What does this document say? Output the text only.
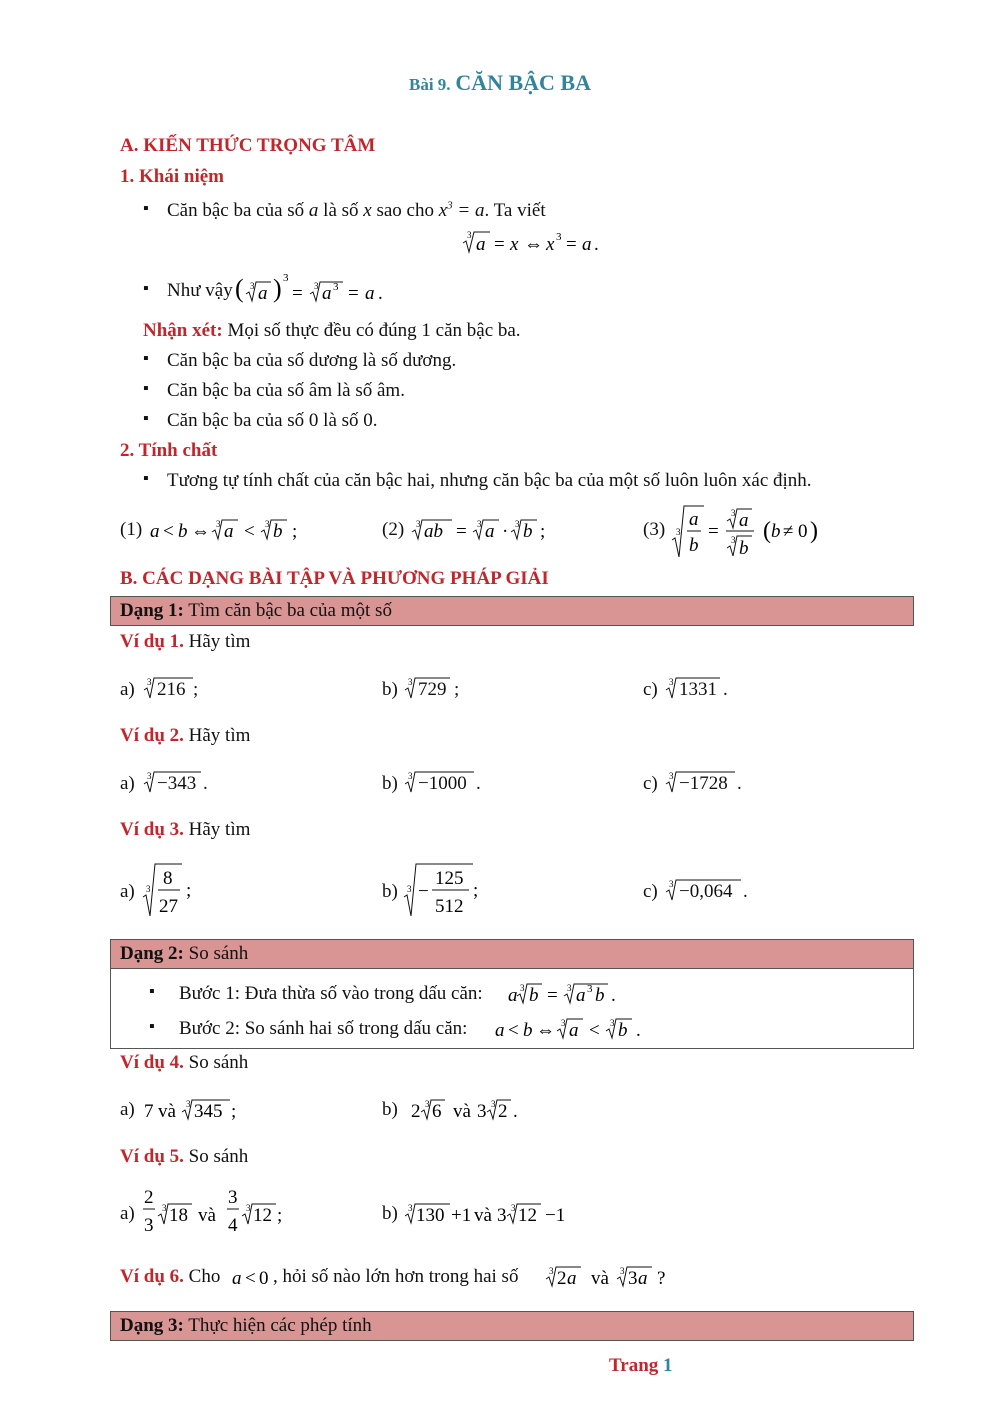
Bài 9. CĂN BẬC BA
A. KIẾN THỨC TRỌNG TÂM
1. Khái niệm
▪ Căn bậc ba của số a là số x sao cho $x^3 = a$. Ta viết
3 a = x ⇔ x 3 = a .
▪ Như vậy ( 3 a ) 3
= 3 a 3 = a .
Nhận xét: Mọi số thực đều có đúng 1 căn bậc ba.
▪ Căn bậc ba của số dương là số dương.
▪ Căn bậc ba của số âm là số âm.
▪ Căn bậc ba của số 0 là số 0.
2. Tính chất
▪ Tương tự tính chất của căn bậc hai, nhưng căn bậc ba của một số luôn luôn xác định.
(1) a < b ⇔ 3 a < 3 b ;	(2) 3 ab = 3 a · 3 b ;	(3) 3
a
b
=
3 a
3 b
( b ≠ 0 )
B. CÁC DẠNG BÀI TẬP VÀ PHƯƠNG PHÁP GIẢI
Dạng 1: Tìm căn bậc ba của một số
Ví dụ 1. Hãy tìm
a) 3 216 ;	b) 3 729 ;	c) 3 1331 .
Ví dụ 2. Hãy tìm
a) 3 −343 .	b) 3 −1000 .	c) 3 −1728 .
Ví dụ 3. Hãy tìm
a) 3 8
27
;	b) 3 −
125
512
;	c) 3 −0,064 .
Dạng 2: So sánh
▪ Bước 1: Đưa thừa số vào trong dấu căn: a 3 b = 3 a 3 b .
▪ Bước 2: So sánh hai số trong dấu căn: a < b ⇔ 3 a < 3 b .
Ví dụ 4. So sánh
a) 7 và 3 345 ;	b) 2 3 6 và 3 3 2 .
Ví dụ 5. So sánh
a)
2
3
3 18 và
3
4
3 12 ;	b) 3 130 +1 và 3 3 12 −1
Ví dụ 6. Cho a < 0	3 2 a và 3 3 a ?
, hỏi số nào lớn hơn trong hai số
Dạng 3: Thực hiện các phép tính
Trang 1
